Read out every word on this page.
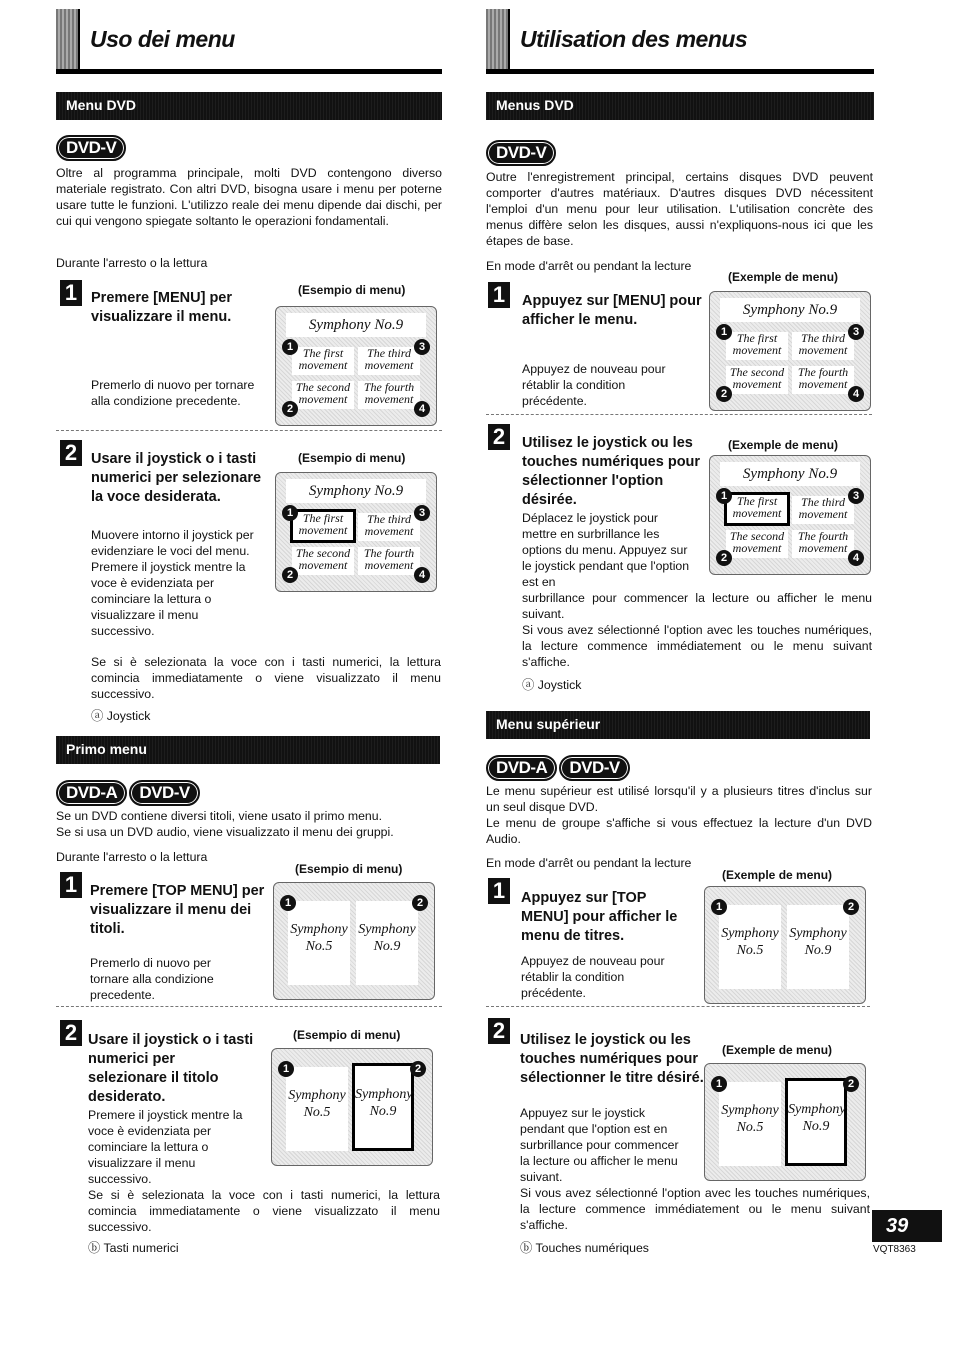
Uso dei menu
Menu DVD
DVD-V

Oltre al programma principale, molti DVD contengono diverso materiale registrato. Con altri DVD, bisogna usare i menu per poterne usare tutte le funzioni. L'utilizzo reale dei menu dipende dai dischi, per cui qui vengono spiegate soltanto le operazioni fondamentali.

Durante l'arresto o la lettura

1 Premere [MENU] per visualizzare il menu.

Premerlo di nuovo per tornare alla condizione precedente.

(Esempio di menu)
Symphony No.9
The first movement
The third movement
The second movement
The fourth movement
1	3
2	4
2 Usare il joystick o i tasti numerici per selezionare la voce desiderata.

Muovere intorno il joystick per evidenziare le voci del menu. Premere il joystick mentre la voce è evidenziata per cominciare la lettura o visualizzare il menu successivo.

Se si è selezionata la voce con i tasti numerici, la lettura comincia immediatamente o viene visualizzato il menu successivo.

ⓐ Joystick

(Esempio di menu)
Symphony No.9
The first movement
The third movement
The second movement
The fourth movement
1	3
2	4
Primo menu
DVD-A DVD-V

Se un DVD contiene diversi titoli, viene usato il primo menu.

Se si usa un DVD audio, viene visualizzato il menu dei gruppi.

Durante l'arresto o la lettura

1 Premere [TOP MENU] per visualizzare il menu dei titoli.

Premerlo di nuovo per tornare alla condizione precedente.

(Esempio di menu)
Symphony No.5
Symphony No.9
1	2
2 Usare il joystick o i tasti numerici per selezionare il titolo desiderato.

Premere il joystick mentre la voce è evidenziata per cominciare la lettura o visualizzare il menu successivo.

Se si è selezionata la voce con i tasti numerici, la lettura comincia immediatamente o viene visualizzato il menu successivo.

ⓑ Tasti numerici

(Esempio di menu)
Symphony No.5
Symphony No.9
1	2
Utilisation des menus
Menus DVD
DVD-V

Outre l'enregistrement principal, certains disques DVD peuvent comporter d'autres matériaux. D'autres disques DVD nécessitent l'emploi d'un menu pour leur utilisation. L'utilisation concrète des menus diffère selon les disques, aussi n'expliquons-nous ici que les étapes de base.

En mode d'arrêt ou pendant la lecture

1	Appuyez sur [MENU] pour afficher le menu.

Appuyez de nouveau pour rétablir la condition précédente.

(Exemple de menu)
Symphony No.9
The first movement
The third movement
The second movement
The fourth movement
1	3
2	4
2	Utilisez le joystick ou les touches numériques pour sélectionner l'option désirée.

Déplacez le joystick pour mettre en surbrillance les options du menu. Appuyez sur le joystick pendant que l'option est en

surbrillance pour commencer la lecture ou afficher le menu suivant.

Si vous avez sélectionné l'option avec les touches numériques, la lecture commence immédiatement ou le menu suivant s'affiche.

ⓐ Joystick

(Exemple de menu)
Symphony No.9
The first movement
The third movement
The second movement
The fourth movement
1	3
2	4
Menu supérieur
DVD-A DVD-V

Le menu supérieur est utilisé lorsqu'il y a plusieurs titres d'inclus sur un seul disque DVD.

Le menu de groupe s'affiche si vous effectuez la lecture d'un DVD Audio.

En mode d'arrêt ou pendant la lecture

1	Appuyez sur [TOP MENU] pour afficher le menu de titres.

Appuyez de nouveau pour rétablir la condition précédente.

(Exemple de menu)
Symphony No.5
Symphony No.9
1	2
2	Utilisez le joystick ou les touches numériques pour sélectionner le titre désiré.

Appuyez sur le joystick pendant que l'option est en surbrillance pour commencer la lecture ou afficher le menu suivant.

Si vous avez sélectionné l'option avec les touches numériques, la lecture commence immédiatement ou le menu suivant s'affiche.

ⓑ Touches numériques

(Exemple de menu)
Symphony No.5
Symphony No.9
1	2
39
VQT8363
